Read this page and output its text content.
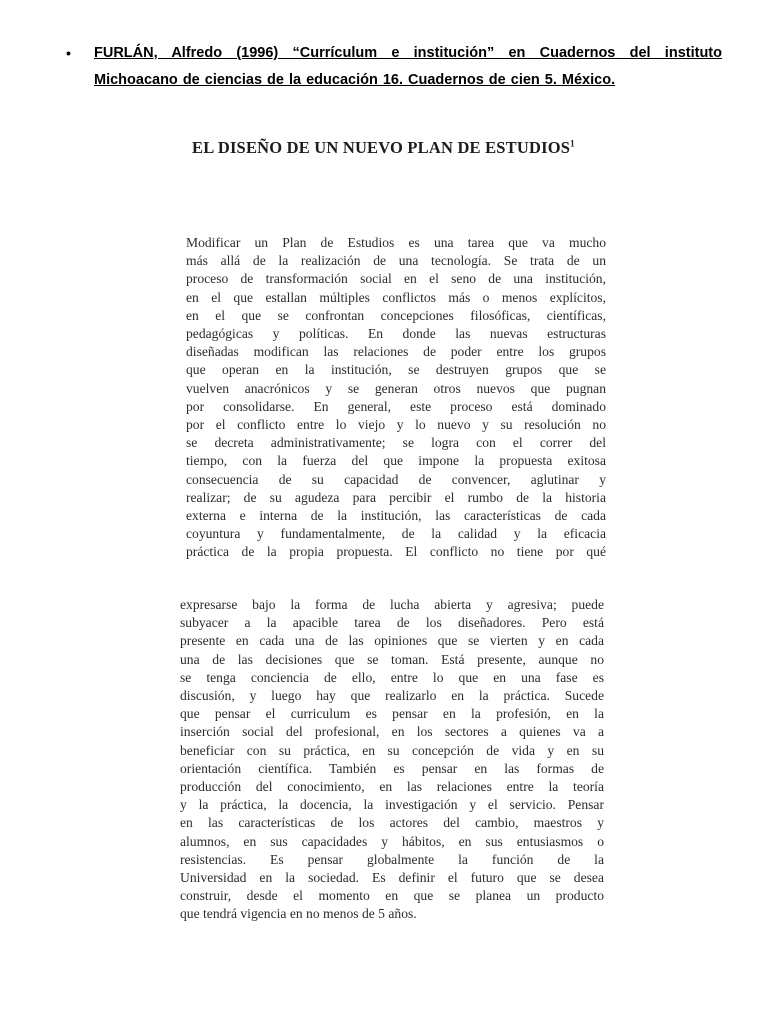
• FURLÁN, Alfredo (1996) “Currículum e institución” en Cuadernos del instituto Michoacano de ciencias de la educación 16. Cuadernos de cien 5. México.
EL DISEÑO DE UN NUEVO PLAN DE ESTUDIOS$^1$
Modificar un Plan de Estudios es una tarea que va mucho
más allá de la realización de una tecnología. Se trata de un
proceso de transformación social en el seno de una institución,
en el que estallan múltiples conflictos más o menos explícitos,
en el que se confrontan concepciones filosóficas, científicas,
pedagógicas y políticas. En donde las nuevas estructuras
diseñadas modifican las relaciones de poder entre los grupos
que operan en la institución, se destruyen grupos que se
vuelven anacrónicos y se generan otros nuevos que pugnan
por consolidarse. En general, este proceso está dominado
por el conflicto entre lo viejo y lo nuevo y su resolución no
se decreta administrativamente; se logra con el correr del
tiempo, con la fuerza del que impone la propuesta exitosa
consecuencia de su capacidad de convencer, aglutinar y
realizar; de su agudeza para percibir el rumbo de la historia
externa e interna de la institución, las características de cada
coyuntura y fundamentalmente, de la calidad y la eficacia
práctica de la propia propuesta. El conflicto no tiene por qué
expresarse bajo la forma de lucha abierta y agresiva; puede
subyacer a la apacible tarea de los diseñadores. Pero está
presente en cada una de las opiniones que se vierten y en cada
una de las decisiones que se toman. Está presente, aunque no
se tenga conciencia de ello, entre lo que en una fase es
discusión, y luego hay que realizarlo en la práctica. Sucede
que pensar el curriculum es pensar en la profesión, en la
inserción social del profesional, en los sectores a quienes va a
beneficiar con su práctica, en su concepción de vida y en su
orientación científica. También es pensar en las formas de
producción del conocimiento, en las relaciones entre la teoría
y la práctica, la docencia, la investigación y el servicio. Pensar
en las características de los actores del cambio, maestros y
alumnos, en sus capacidades y hábitos, en sus entusiasmos o
resistencias. Es pensar globalmente la función de la
Universidad en la sociedad. Es definir el futuro que se desea
construir, desde el momento en que se planea un producto
que tendrá vigencia en no menos de 5 años.
